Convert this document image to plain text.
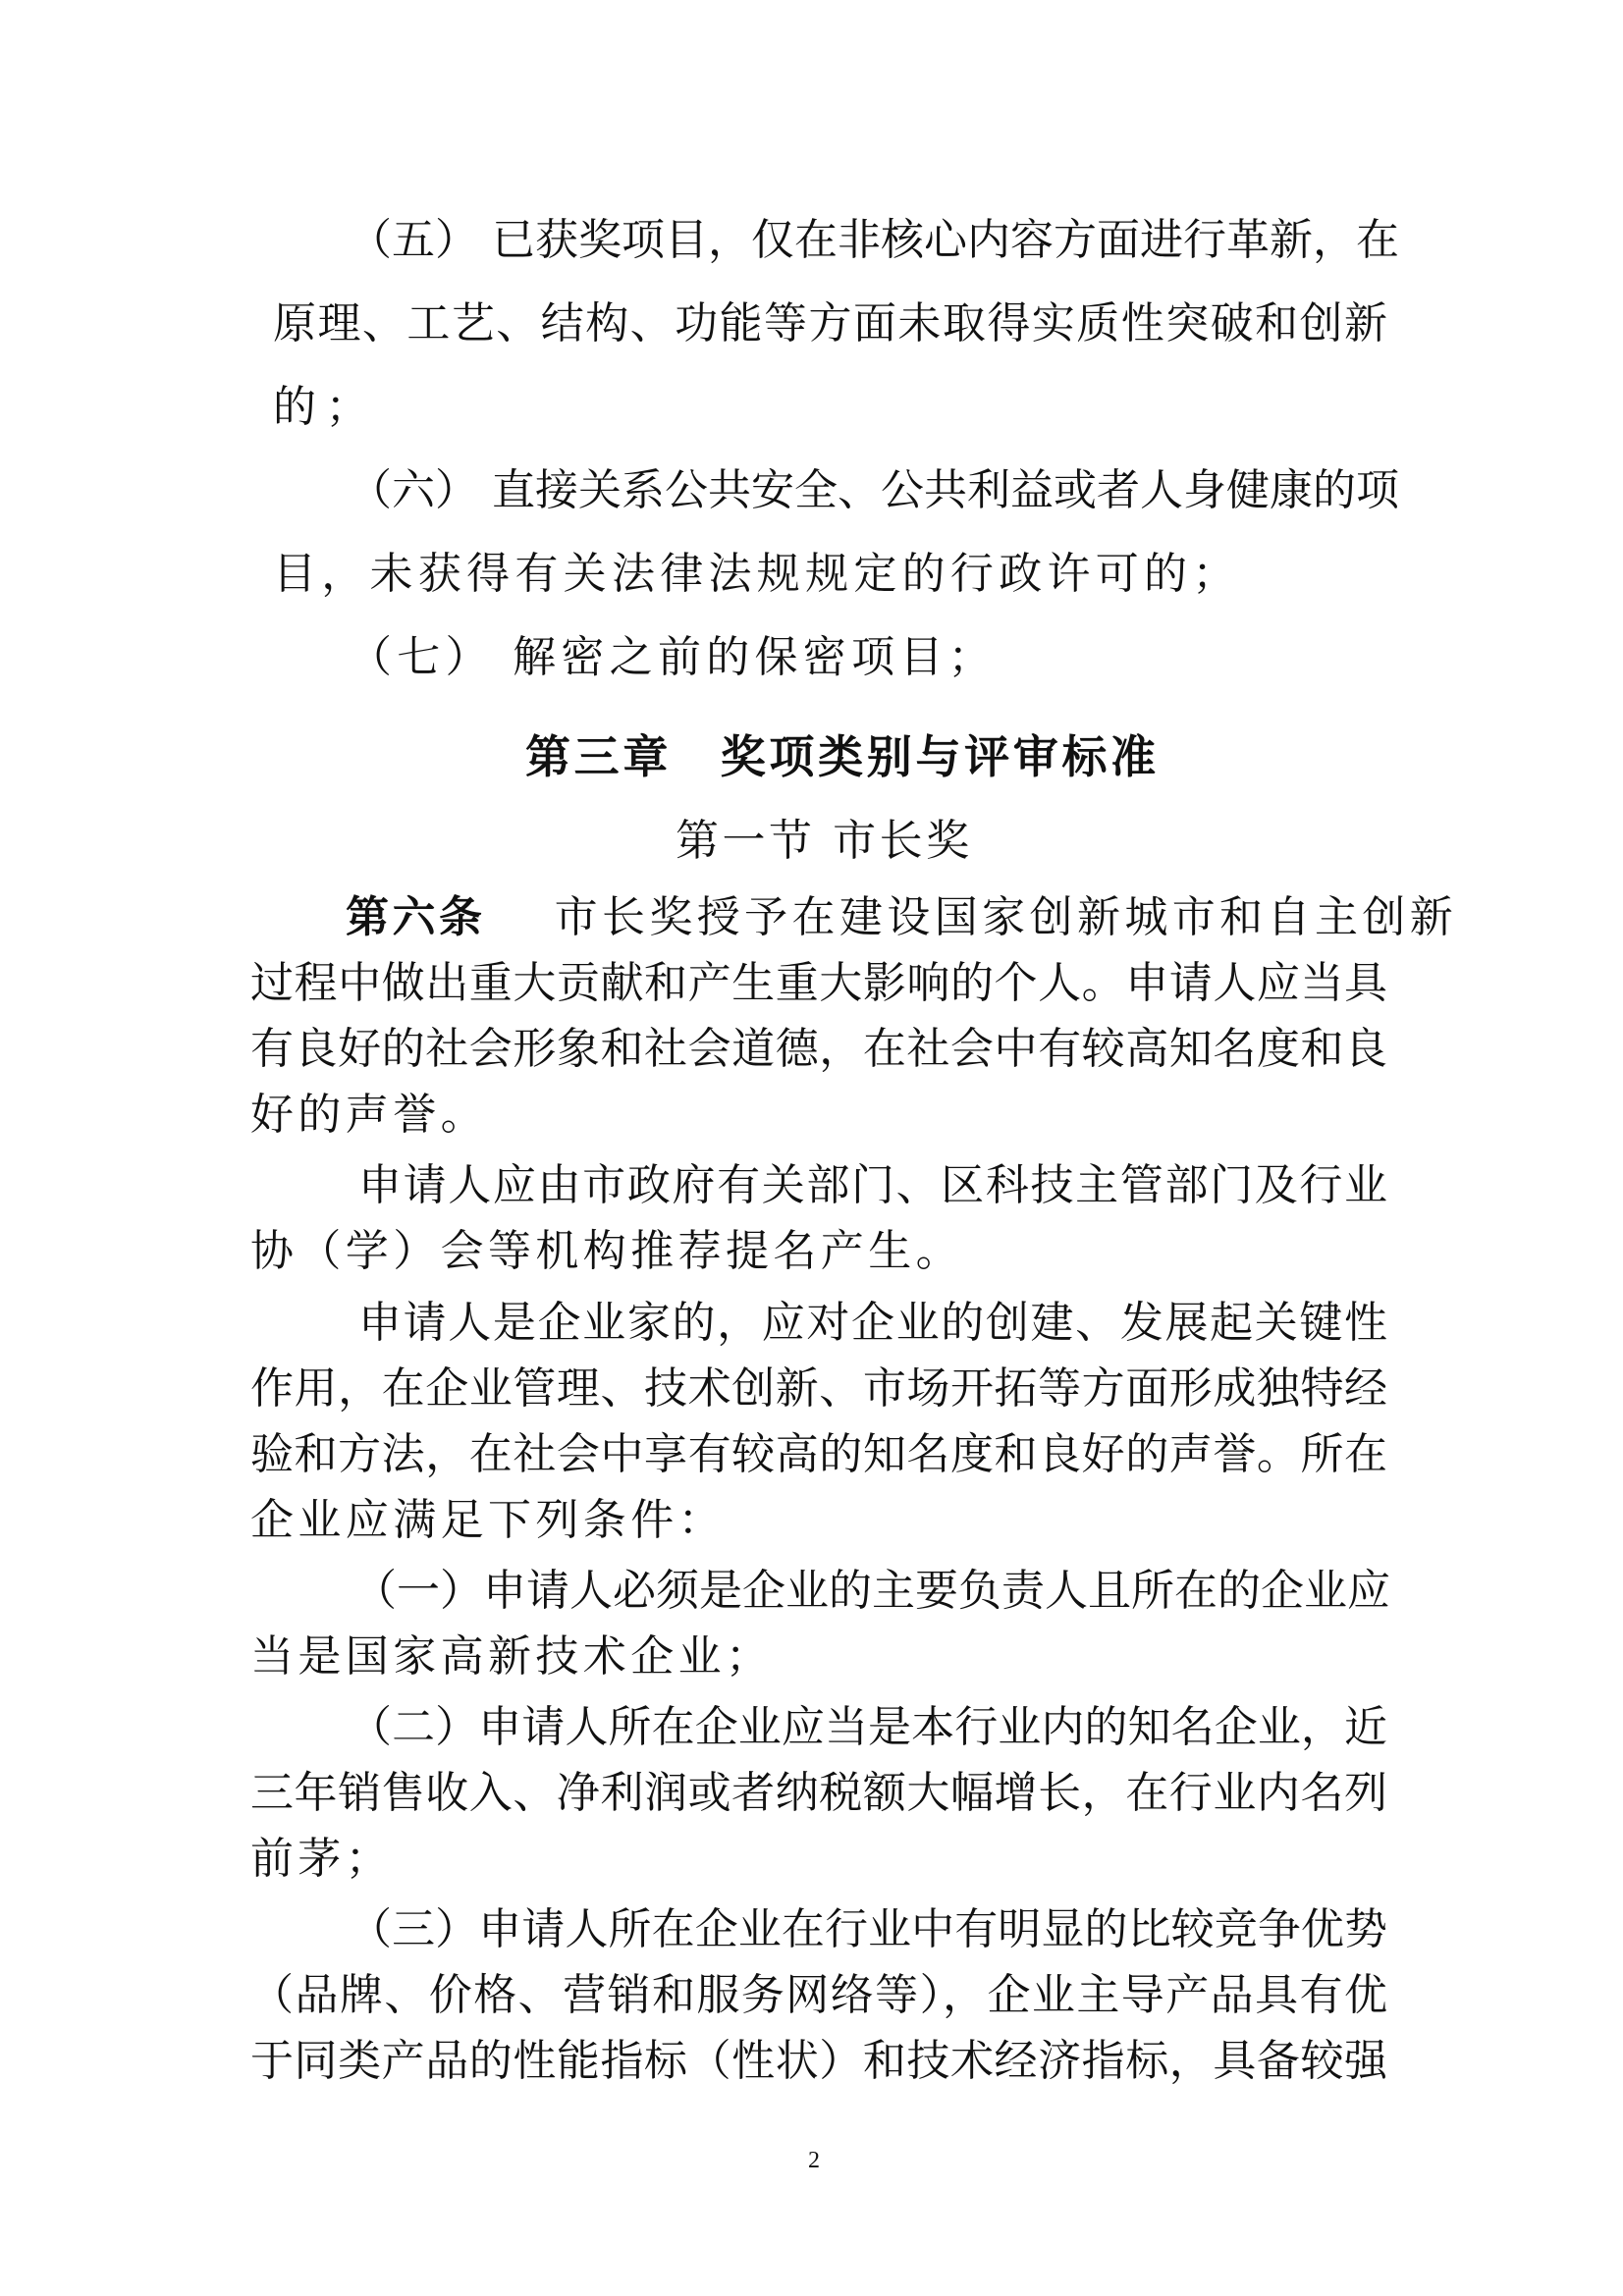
（五） 已获奖项目，仅在非核心内容方面进行革新，在
原理、工艺、结构、功能等方面未取得实质性突破和创新
的；
（六） 直接关系公共安全、公共利益或者人身健康的项
目，未获得有关法律法规规定的行政许可的；
（七） 解密之前的保密项目；
第三章　奖项类别与评审标准
第一节 市长奖
第六条 市长奖授予在建设国家创新城市和自主创新
过程中做出重大贡献和产生重大影响的个人。申请人应当具
有良好的社会形象和社会道德，在社会中有较高知名度和良
好的声誉。
申请人应由市政府有关部门、区科技主管部门及行业
协（学）会等机构推荐提名产生。
申请人是企业家的，应对企业的创建、发展起关键性
作用，在企业管理、技术创新、市场开拓等方面形成独特经
验和方法，在社会中享有较高的知名度和良好的声誉。所在
企业应满足下列条件：
（一）申请人必须是企业的主要负责人且所在的企业应
当是国家高新技术企业；
（二）申请人所在企业应当是本行业内的知名企业，近
三年销售收入、净利润或者纳税额大幅增长，在行业内名列
前茅；
（三）申请人所在企业在行业中有明显的比较竞争优势
（品牌、价格、营销和服务网络等），企业主导产品具有优
于同类产品的性能指标（性状）和技术经济指标，具备较强
2
